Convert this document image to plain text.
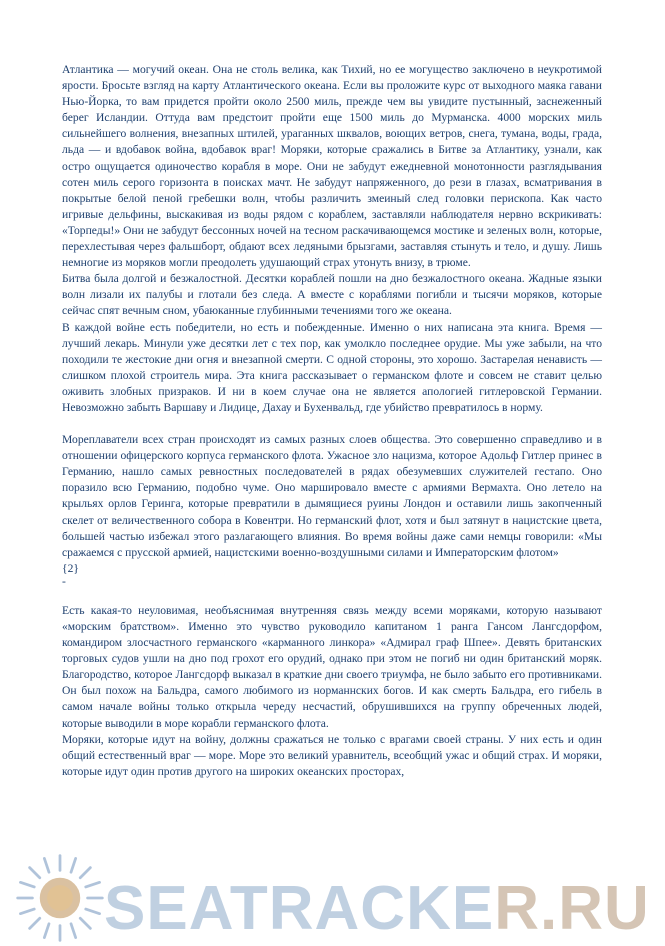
Атлантика — могучий океан. Она не столь велика, как Тихий, но ее могущество заключено в неукротимой ярости. Бросьте взгляд на карту Атлантического океана. Если вы проложите курс от выходного маяка гавани Нью-Йорка, то вам придется пройти около 2500 миль, прежде чем вы увидите пустынный, заснеженный берег Исландии. Оттуда вам предстоит пройти еще 1500 миль до Мурманска. 4000 морских миль сильнейшего волнения, внезапных штилей, ураганных шквалов, воющих ветров, снега, тумана, воды, града, льда — и вдобавок война, вдобавок враг! Моряки, которые сражались в Битве за Атлантику, узнали, как остро ощущается одиночество корабля в море. Они не забудут ежедневной монотонности разглядывания сотен миль серого горизонта в поисках мачт. Не забудут напряженного, до рези в глазах, всматривания в покрытые белой пеной гребешки волн, чтобы различить змеиный след головки перископа. Как часто игривые дельфины, выскакивая из воды рядом с кораблем, заставляли наблюдателя нервно вскрикивать: «Торпеды!» Они не забудут бессонных ночей на тесном раскачивающемся мостике и зеленых волн, которые, перехлестывая через фальшборт, обдают всех ледяными брызгами, заставляя стынуть и тело, и душу. Лишь немногие из моряков могли преодолеть удушающий страх утонуть внизу, в трюме.

Битва была долгой и безжалостной. Десятки кораблей пошли на дно безжалостного океана. Жадные языки волн лизали их палубы и глотали без следа. А вместе с кораблями погибли и тысячи моряков, которые сейчас спят вечным сном, убаюканные глубинными течениями того же океана.

В каждой войне есть победители, но есть и побежденные. Именно о них написана эта книга. Время — лучший лекарь. Минули уже десятки лет с тех пор, как умолкло последнее орудие. Мы уже забыли, на что походили те жестокие дни огня и внезапной смерти. С одной стороны, это хорошо. Застарелая ненависть — слишком плохой строитель мира. Эта книга рассказывает о германском флоте и совсем не ставит целью оживить злобных призраков. И ни в коем случае она не является апологией гитлеровской Германии. Невозможно забыть Варшаву и Лидице, Дахау и Бухенвальд, где убийство превратилось в норму.

Мореплаватели всех стран происходят из самых разных слоев общества. Это совершенно справедливо и в отношении офицерского корпуса германского флота. Ужасное зло нацизма, которое Адольф Гитлер принес в Германию, нашло самых ревностных последователей в рядах обезумевших служителей гестапо. Оно поразило всю Германию, подобно чуме. Оно маршировало вместе с армиями Вермахта. Оно летело на крыльях орлов Геринга, которые превратили в дымящиеся руины Лондон и оставили лишь закопченный скелет от величественного собора в Ковентри. Но германский флот, хотя и был затянут в нацистские цвета, большей частью избежал этого разлагающего влияния. Во время войны даже сами немцы говорили: «Мы сражаемся с прусской армией, нацистскими военно-воздушными силами и Императорским флотом»

{2}

-

Есть какая-то неуловимая, необъяснимая внутренняя связь между всеми моряками, которую называют «морским братством». Именно это чувство руководило капитаном 1 ранга Гансом Лангсдорфом, командиром злосчастного германского «карманного линкора» «Адмирал граф Шпее». Девять британских торговых судов ушли на дно под грохот его орудий, однако при этом не погиб ни один британский моряк. Благородство, которое Лангсдорф выказал в краткие дни своего триумфа, не было забыто его противниками. Он был похож на Бальдра, самого любимого из норманнских богов. И как смерть Бальдра, его гибель в самом начале войны только открыла череду несчастий, обрушившихся на группу обреченных людей, которые выводили в море корабли германского флота.

Моряки, которые идут на войну, должны сражаться не только с врагами своей страны. У них есть и один общий естественный враг — море. Море это великий уравнитель, всеобщий ужас и общий страх. И моряки, которые идут один против другого на широких океанских просторах,

SEATRACKER.RU
